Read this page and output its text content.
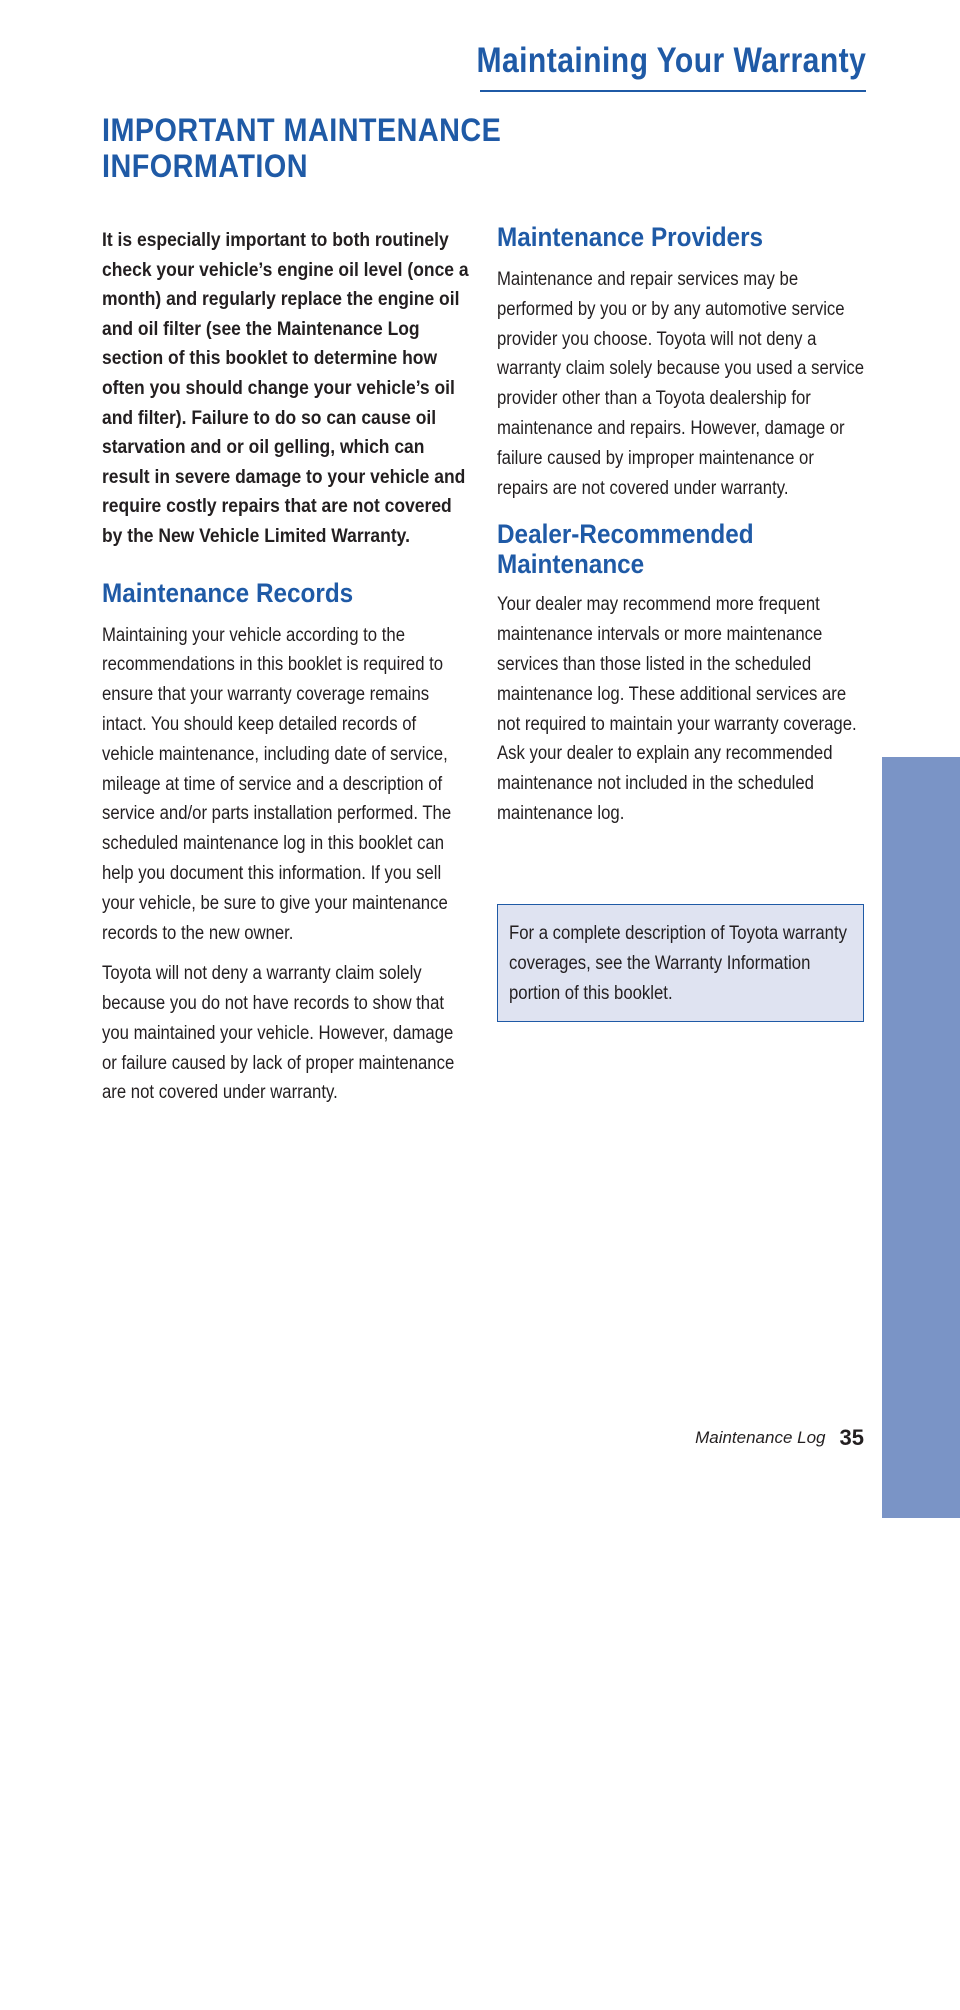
Maintaining Your Warranty
IMPORTANT MAINTENANCE
INFORMATION

It is especially important to both routinely check your vehicle’s engine oil level (once a month) and regularly replace the engine oil and oil filter (see the Maintenance Log section of this booklet to determine how often you should change your vehicle’s oil and filter). Failure to do so can cause oil starvation and or oil gelling, which can result in severe damage to your vehicle and require costly repairs that are not covered by the New Vehicle Limited Warranty.

Maintenance Records

Maintaining your vehicle according to the recommendations in this booklet is required to ensure that your warranty coverage remains intact. You should keep detailed records of vehicle maintenance, including date of service, mileage at time of service and a description of service and/or parts installation performed. The scheduled maintenance log in this booklet can help you document this information. If you sell your vehicle, be sure to give your maintenance records to the new owner.

Toyota will not deny a warranty claim solely because you do not have records to show that you maintained your vehicle. However, damage or failure caused by lack of proper maintenance are not covered under warranty.

Maintenance Providers

Maintenance and repair services may be performed by you or by any automotive service provider you choose. Toyota will not deny a warranty claim solely because you used a service provider other than a Toyota dealership for maintenance and repairs. However, damage or failure caused by improper maintenance or repairs are not covered under warranty.

Dealer-Recommended
Maintenance

Your dealer may recommend more frequent maintenance intervals or more maintenance services than those listed in the scheduled maintenance log. These additional services are not required to maintain your warranty coverage. Ask your dealer to explain any recommended maintenance not included in the scheduled maintenance log.

For a complete description of Toyota warranty coverages, see the Warranty Information portion of this booklet.

MAINTENANCE
Maintenance Log 35
